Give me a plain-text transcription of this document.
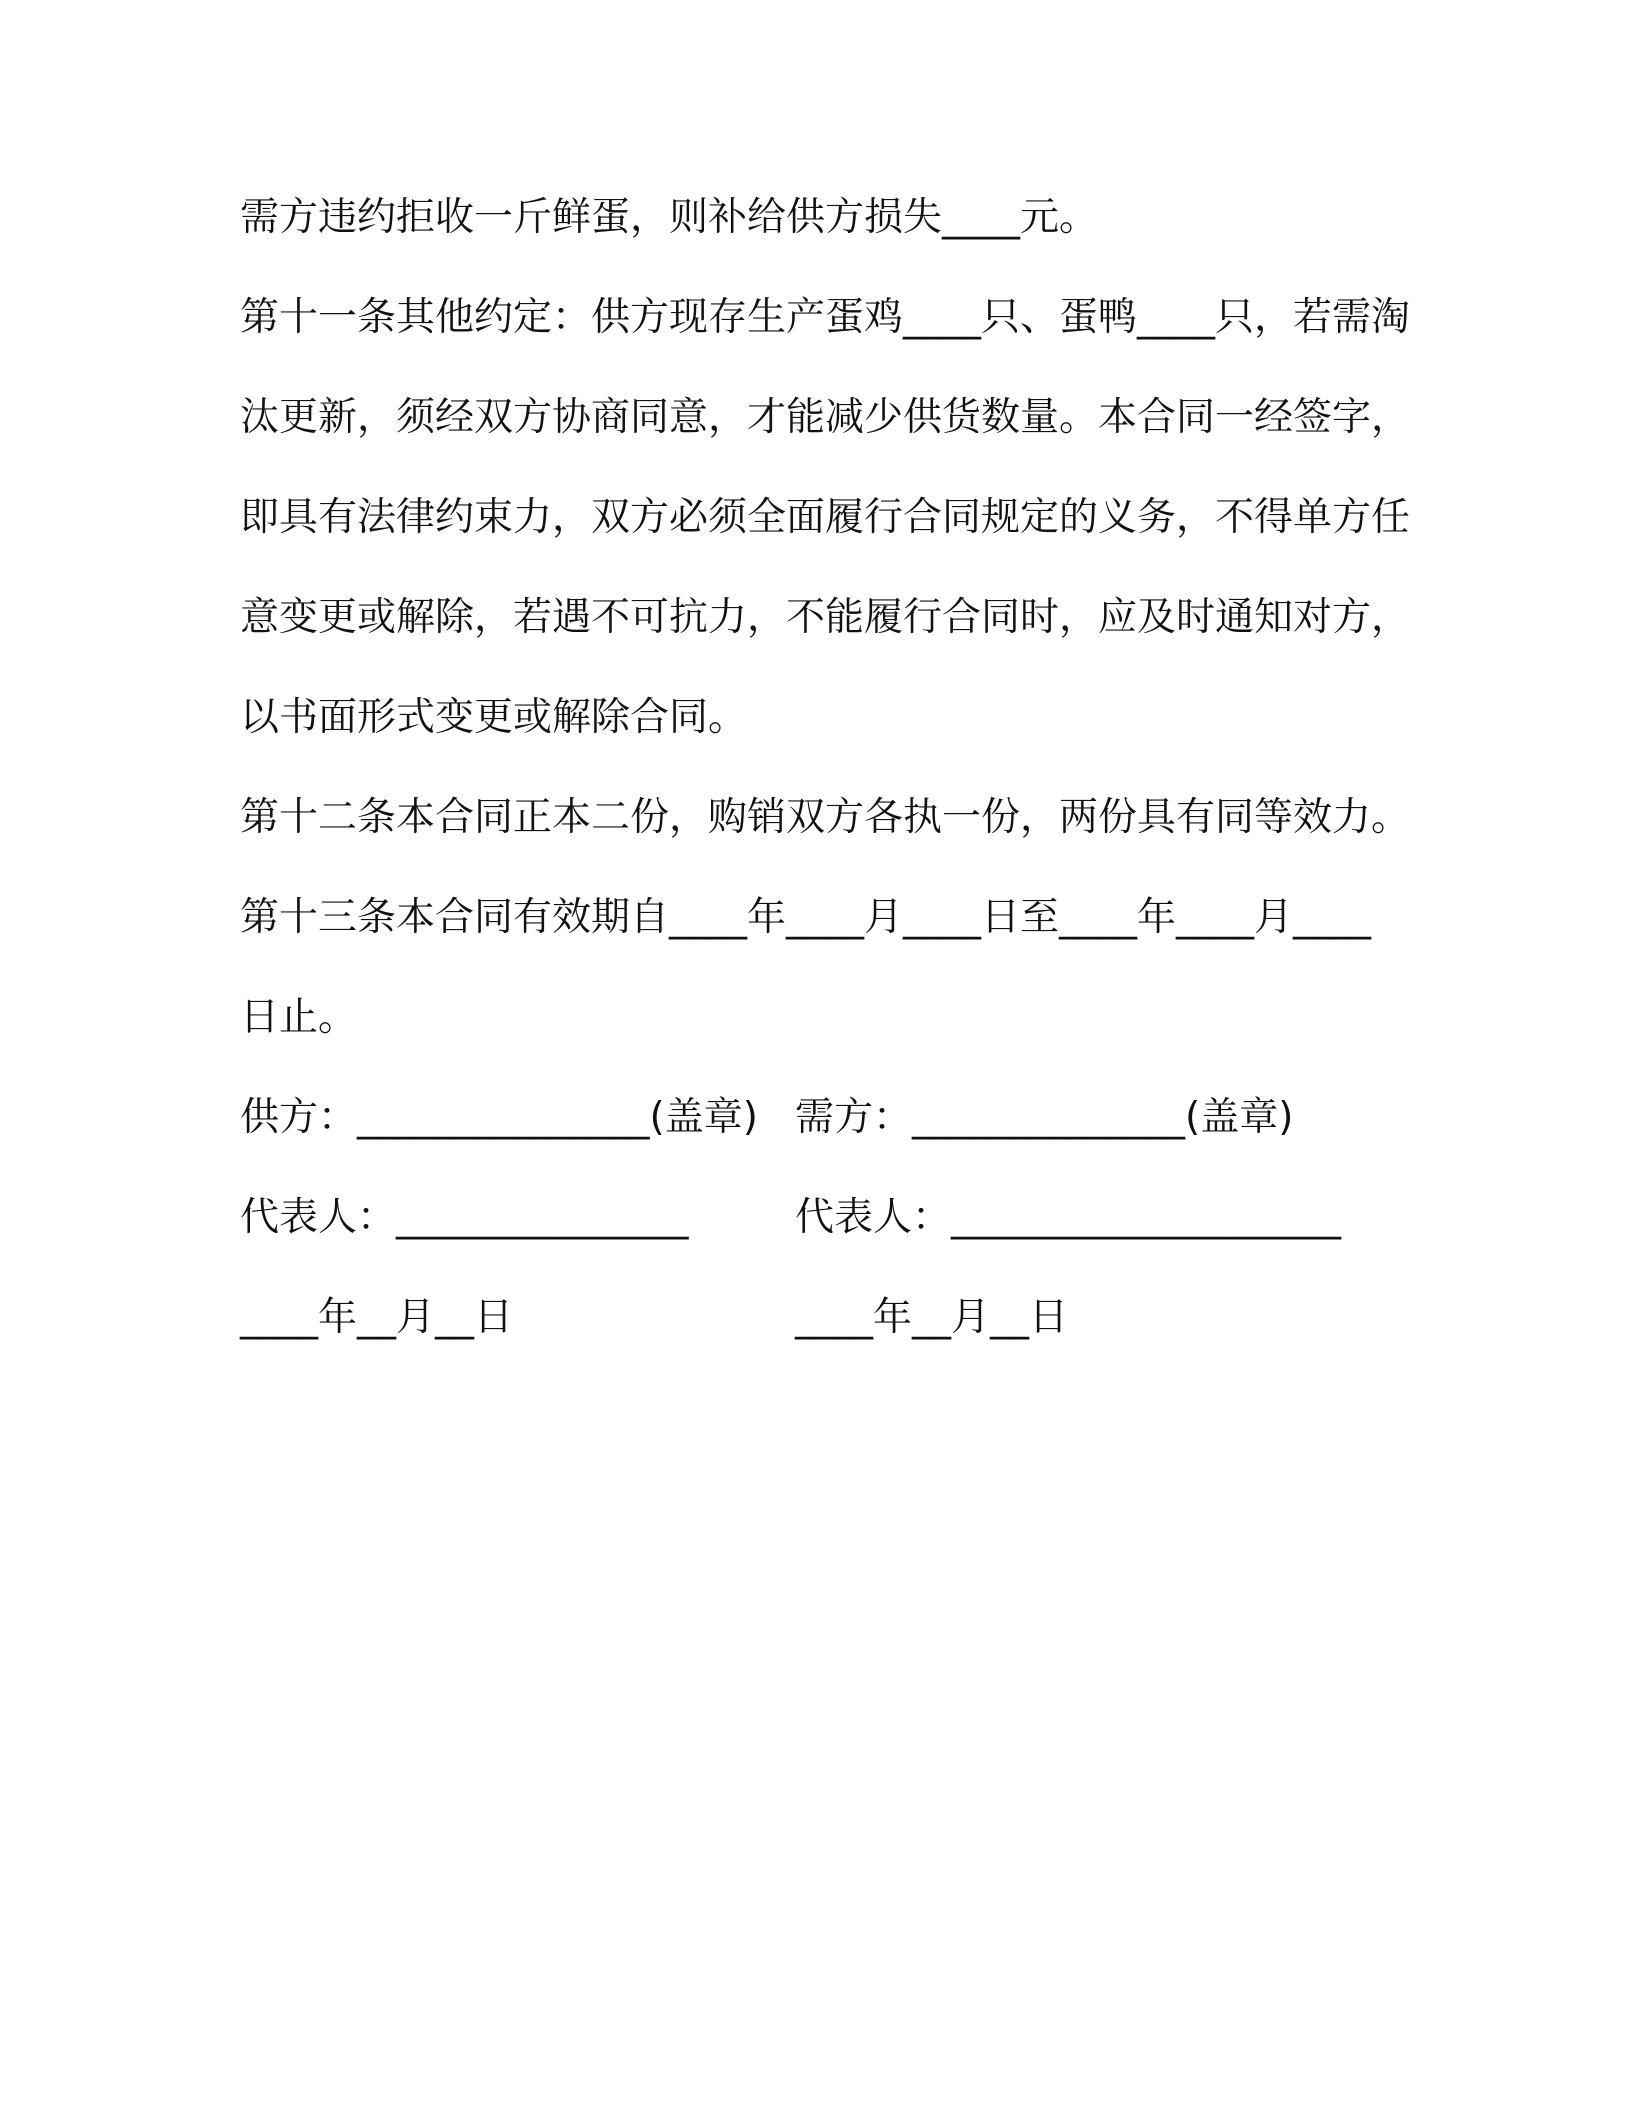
需方违约拒收一斤鲜蛋，则补给供方损失____元。
第十一条其他约定：供方现存生产蛋鸡____只、蛋鸭____只，若需淘
汰更新，须经双方协商同意，才能减少供货数量。本合同一经签字，
即具有法律约束力，双方必须全面履行合同规定的义务，不得单方任
意变更或解除，若遇不可抗力，不能履行合同时，应及时通知对方，
以书面形式变更或解除合同。
第十二条本合同正本二份，购销双方各执一份，两份具有同等效力。
第十三条本合同有效期自____年____月____日至____年____月____
日止。
供方：_______________(盖章) 需方：______________(盖章)
代表人：_______________	代表人：____________________
____年__月__日	____年__月__日
